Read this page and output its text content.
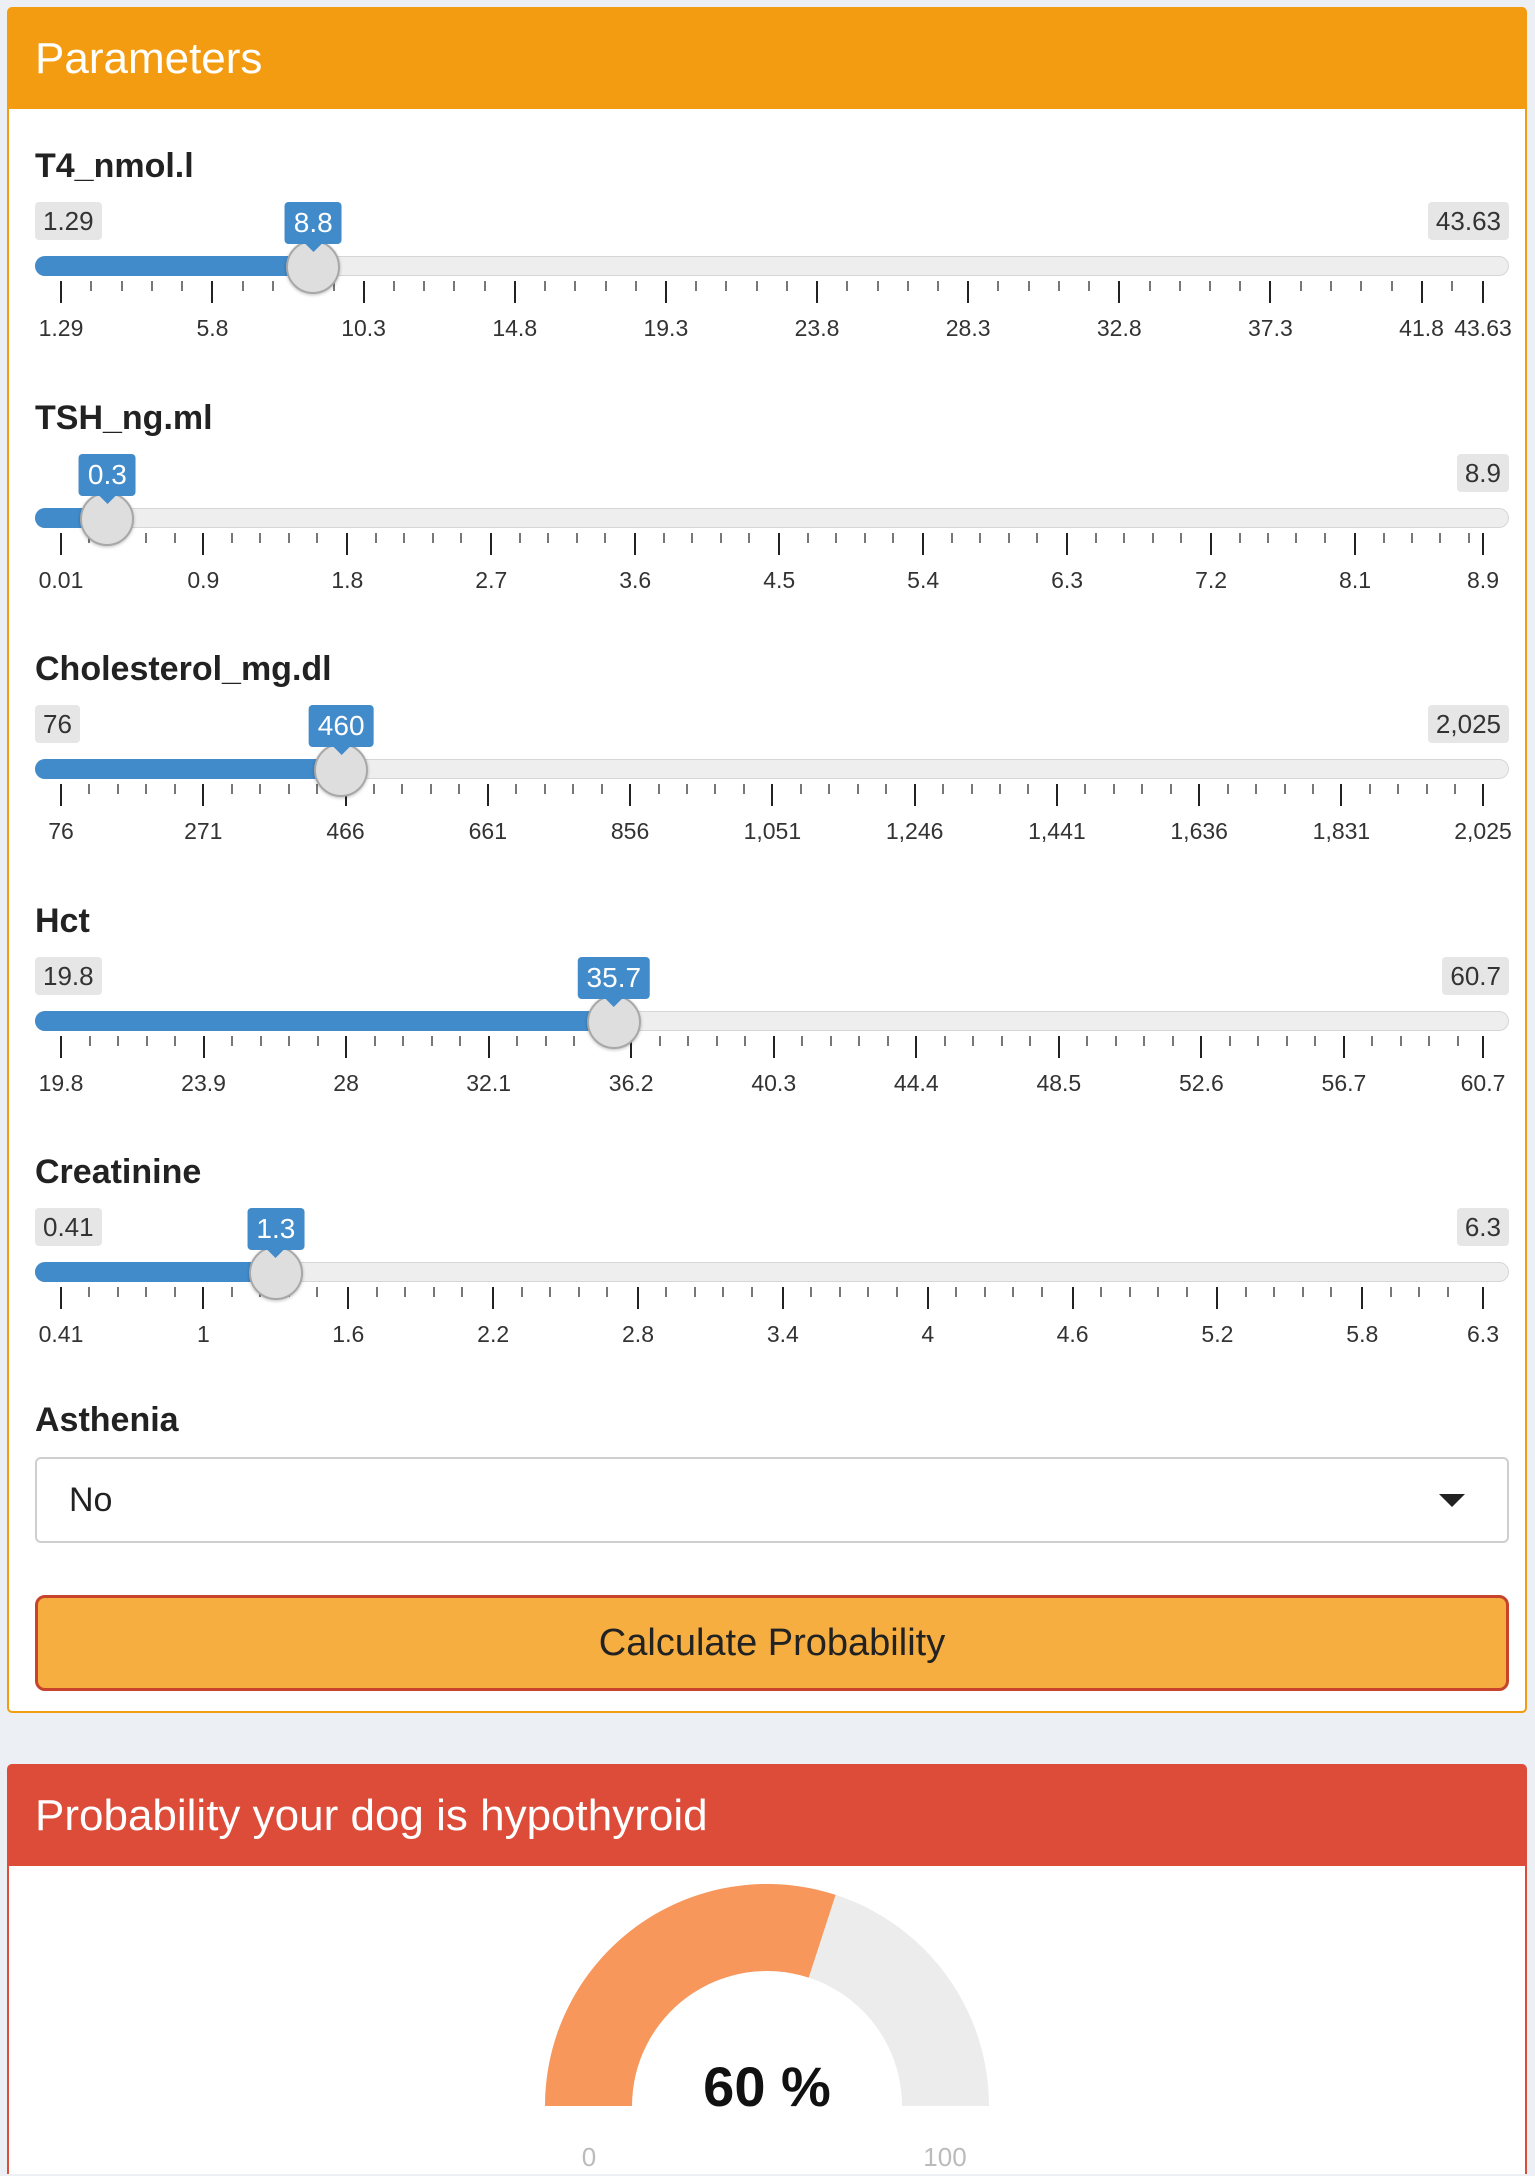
Parameters
T4_nmol.l
1.29	43.63
1.29	5.8	10.3	14.8	19.3	23.8	28.3	32.8	37.3	41.8 43.63
8.8
TSH_ng.ml
8.9
0.01	0.9	1.8	2.7	3.6	4.5	5.4	6.3	7.2	8.1	8.9
0.3
Cholesterol_mg.dl
76	2,025
76	271	466	661	856	1,051	1,246	1,441	1,636	1,831	2,025
460
Hct
19.8	60.7
19.8	23.9	28	32.1	36.2	40.3	44.4	48.5	52.6	56.7	60.7
35.7
Creatinine
0.41	6.3
0.41	1	1.6	2.2	2.8	3.4	4	4.6	5.2	5.8	6.3
1.3
Asthenia
No
Calculate Probability
Probability your dog is hypothyroid
60 %
0	100
